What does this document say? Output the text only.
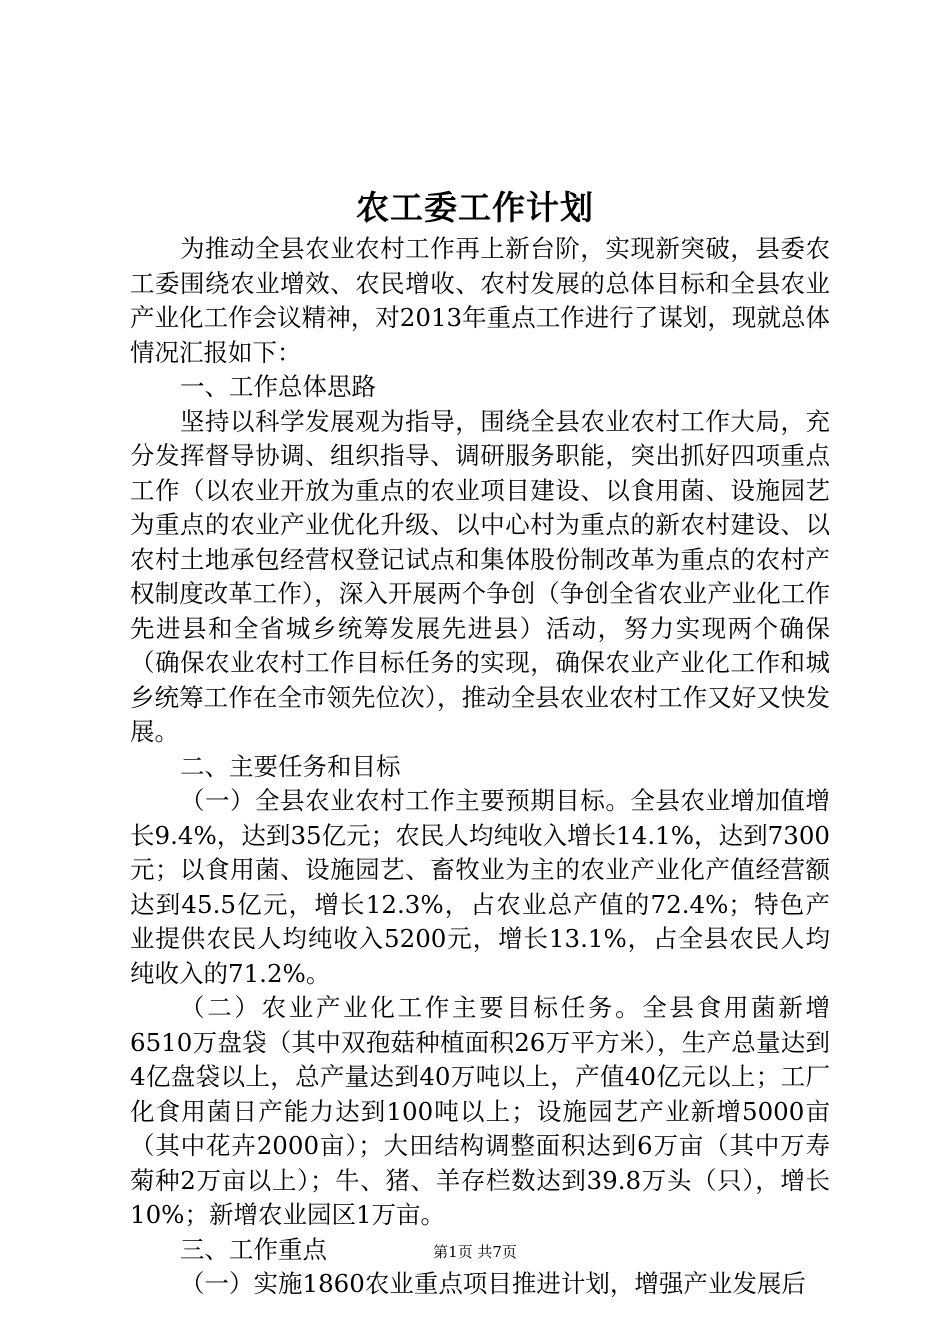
农工委工作计划

为推动全县农业农村工作再上新台阶，实现新突破，县委农工委围绕农业增效、农民增收、农村发展的总体目标和全县农业产业化工作会议精神，对2013年重点工作进行了谋划，现就总体情况汇报如下：

一、工作总体思路

坚持以科学发展观为指导，围绕全县农业农村工作大局，充分发挥督导协调、组织指导、调研服务职能，突出抓好四项重点工作（以农业开放为重点的农业项目建设、以食用菌、设施园艺为重点的农业产业优化升级、以中心村为重点的新农村建设、以农村土地承包经营权登记试点和集体股份制改革为重点的农村产权制度改革工作），深入开展两个争创（争创全省农业产业化工作先进县和全省城乡统筹发展先进县）活动，努力实现两个确保（确保农业农村工作目标任务的实现，确保农业产业化工作和城乡统筹工作在全市领先位次），推动全县农业农村工作又好又快发展。

二、主要任务和目标

（一）全县农业农村工作主要预期目标。全县农业增加值增长9.4%，达到35亿元；农民人均纯收入增长14.1%，达到7300元；以食用菌、设施园艺、畜牧业为主的农业产业化产值经营额达到45.5亿元，增长12.3%，占农业总产值的72.4%；特色产业提供农民人均纯收入5200元，增长13.1%，占全县农民人均纯收入的71.2%。

（二）农业产业化工作主要目标任务。全县食用菌新增6510万盘袋（其中双孢菇种植面积26万平方米），生产总量达到4亿盘袋以上，总产量达到40万吨以上，产值40亿元以上；工厂化食用菌日产能力达到100吨以上；设施园艺产业新增5000亩（其中花卉2000亩）；大田结构调整面积达到6万亩（其中万寿菊种2万亩以上）；牛、猪、羊存栏数达到39.8万头（只），增长10%；新增农业园区1万亩。

三、工作重点

（一）实施1860农业重点项目推进计划，增强产业发展后

第1页 共7页
